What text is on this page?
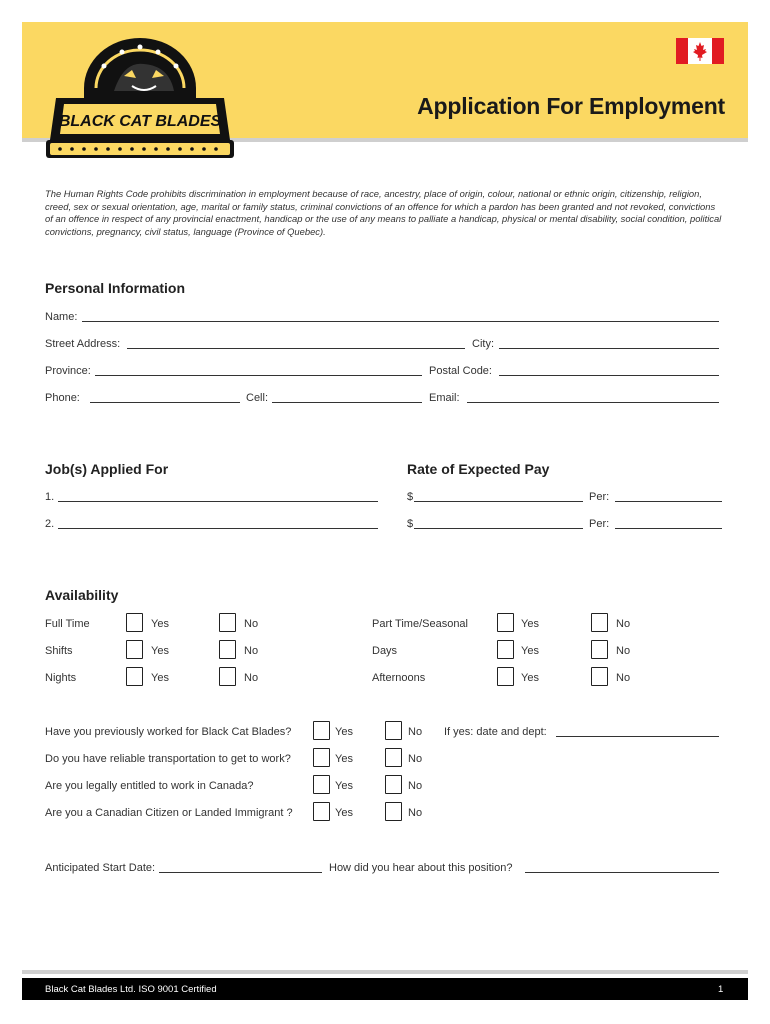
BLACK CAT BLADES
Application For Employment
The Human Rights Code prohibits discrimination in employment because of race, ancestry, place of origin, colour, national or ethnic origin, citizenship, religion, creed, sex or sexual orientation, age, marital or family status, criminal convictions of an offence for which a pardon has been granted and not revoked, convictions of an offence in respect of any provincial enactment, handicap or the use of any means to palliate a handicap, physical or mental disability, social condition, political convictions, pregnancy, civil status, language (Province of Quebec).
Personal Information
Name:
Street Address:	City:
Province:	Postal Code:
Phone:	Cell:	Email:
Job(s) Applied For	Rate of Expected Pay
1.	$	Per:
2.	$	Per:
Availability
Full Time	Yes	No	Part Time/Seasonal	Yes	No
Shifts	Yes	No	Days	Yes	No
Nights	Yes	No	Afternoons	Yes	No
Have you previously worked for Black Cat Blades?	Yes	No If yes: date and dept:
Do you have reliable transportation to get to work?	Yes	No
Are you legally entitled to work in Canada?	Yes	No
Are you a Canadian Citizen or Landed Immigrant ?	Yes	No
Anticipated Start Date:	How did you hear about this position?
Black Cat Blades Ltd. ISO 9001 Certified	1
